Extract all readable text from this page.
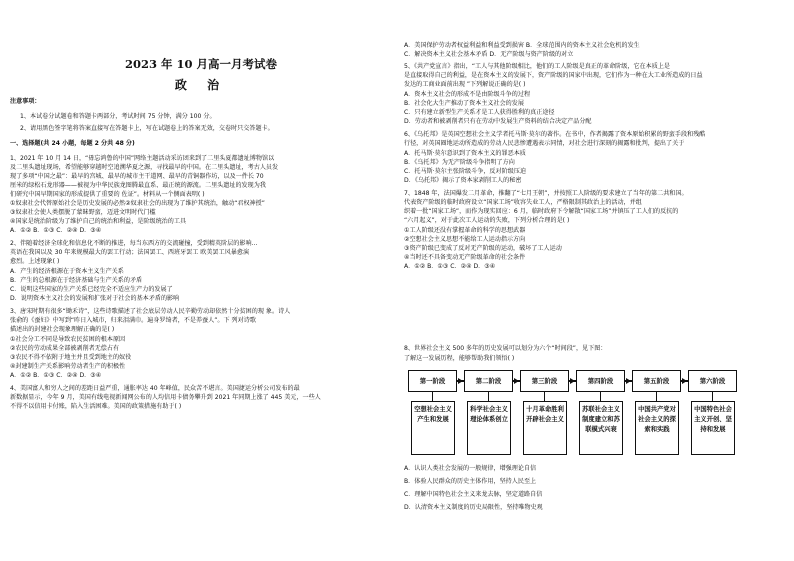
2023 年 10 月高一月考试卷
政 治
注意事项：
1、本试卷分试题卷和答题卡两部分，考试时间 75 分钟，满分 100 分。
2、请用黑色签字笔将答案直接写在答题卡上，写在试题卷上的答案无效，交卷时只交答题卡。
一、选择题(共 24 小题，每题 2 分共 48 分)
1、2021 年 10 月 14 日，“毋忘鸿鲁的中国”网络主题活动采访团来到了二里头夏都遗址博物馆以
及二里头遗址现场，希望能够穿越时空追溯华夏之源，寻找最早的中国。在二里头遗址，考古人员发
现了多项“中国之最”：最早的宫城、最早的城市主干道网、最早的青铜器作坊，以及一件长 70
厘米的绿松石龙形器——被视为中华民族龙图腾最直系、最正统的源流。二里头遗址的发现为我
们研究中国早期国家的形成提供了重要的 佐证”。材料从一个侧面表明( )
①奴隶社会代替原始社会是历史发展的必然②奴隶社会的出现为了维护其统治，触动“君权神授”
③奴隶社会使人类摆脱了蒙昧野蛮，迈进文明时代门槛
④国家是统治阶级为了维护自己的统治和利益，是阶级统治的工具
A．①② B．①③ C．②④ D．③④
2、伴随着经济全球化和信息化不断的推进，每当东西方的交流碰撞，受到精英阶层的影响...
英语在我国以及 30 年来规模最大的罢工行动；法国罢工、西班牙罢工 欧美罢工风暴愈演
愈烈。上述现象( )
A．产生的经济根源在于资本主义生产关系
B．产生的总根源在于经济基础与生产关系的矛盾
C．说明这些国家的生产关系已经完全不适应生产力的发展了
D．说明资本主义社会的发展和扩张对于社会的基本矛盾的影响
3、唐宋时期有很多“锄禾诗”，这些诗歌描述了社会底层劳动人民辛勤劳动却依然十分贫困的现 象。诗人
张俞的《蚕妇》中写到“昨日入城市，归来泪满巾。遍身罗绮者，不是养蚕人”。下 列对诗歌
描述出的封建社会现象理解正确的是( )
①社会分工不同是导致农民贫困的根本原因
②农民的劳动成果全部被剥削者无偿占有
③农民不得不依附于地主并且受到地主的奴役
④封建制生产关系影响劳动者生产的积极性
A．①② B．①③ C．②④ D．③④
4、美国富人和穷人之间的差距日益严重，通胀率达 40 年峰值，民众苦不堪言。美国捷运分析公司发布的最
新数据显示，今年 9 月，美国有线电视新闻网公布的人均信用卡债务攀升到 2021 年同期上涨了 445 美元，一些人
不得不以信用卡付账，陷入生活困难。美国的政策措施有助于( )
A．美国保护劳动者权益利益和利益受到损害 B．全球范围内的资本主义社会危机的发生
C．解决资本主义社会基本矛盾 D．无产阶级与资产阶级的对立
5、《共产党宣言》指出，“工人与其他阶级相比，他们的工人阶级是真正的革命阶级，它在本质上是
是直接取得自己的利益，是在资本主义的发展下，资产阶级的国家中出现，它们作为一种在大工业所造成的日益
发达的工商业面前出现 ”下列解说正确的是( )
A．资本主义社会的形成不是由阶级斗争的过程
B．社会化大生产推动了资本主义社会的发展
C．只有建立新型生产关系才是工人获得胜利的真正途径
D．劳动者和被剥削者只有在劳动中发展生产资料的结合决定产品分配
6、《乌托邦》是英国空想社会主义学者托马斯·莫尔的著作。在书中，作者揭露了资本原始积累的野蛮手段和残酷
行径，对英国圈地运动所造成的劳动人民悲惨遭遇表示同情，对社会进行深刻的揭露和批判，提出了关于
A．托马斯·莫尔意识到了资本主义的罪恶本质
B．《乌托邦》为无产阶级斗争指明了方向
C．托马斯·莫尔主张阶级斗争，反对阶级压迫
D．《乌托邦》揭示了资本家剥削工人的秘密
7、1848 年，法国爆发二月革命，推翻了“七月王朝”，并按照工人阶级的要求建立了当年的第二共和国。
代表资产阶级的临时政府设立“国家工场”收容失业工人，严格限制其政治上的活动，并组
织着一批“国家工场”，而作为现实回应：6 月，临时政府下令解散“国家工场”并镇压了工人们的反抗的
“六月起义”，对于此次工人运动的失败，下列分析合理的是( )
①工人阶级还没有掌握革命的科学的思想武器
②空想社会主义思想不能给工人运动指示方向
③资产阶级已变成了反对无产阶级的运动，破坏了工人运动
④当时还不具备变动无产阶级革命的社会条件
A．①② B．①③ C．②④ D．③④
8、世界社会主义 500 多年的历史发展可以划分为六个“时间段”，见下图：
了解这一发展历程，能够帮助我们领悟( )
第一阶段	第二阶段	第三阶段	第四阶段	第五阶段	第六阶段
空想社会主义产生和发展
科学社会主义理论体系创立
十月革命胜利开辟社会主义
苏联社会主义制度建立和苏联模式兴衰
中国共产党对社会主义的探索和实践
中国特色社会主义开创、坚持和发展
A．认识人类社会发展的一般规律，增强理论自信
B．体验人民群众的历史主体作用，坚持人民至上
C．理解中国特色社会主义来龙去脉，坚定道路自信
D．认清资本主义制度的历史局限性，坚持唯物史观
